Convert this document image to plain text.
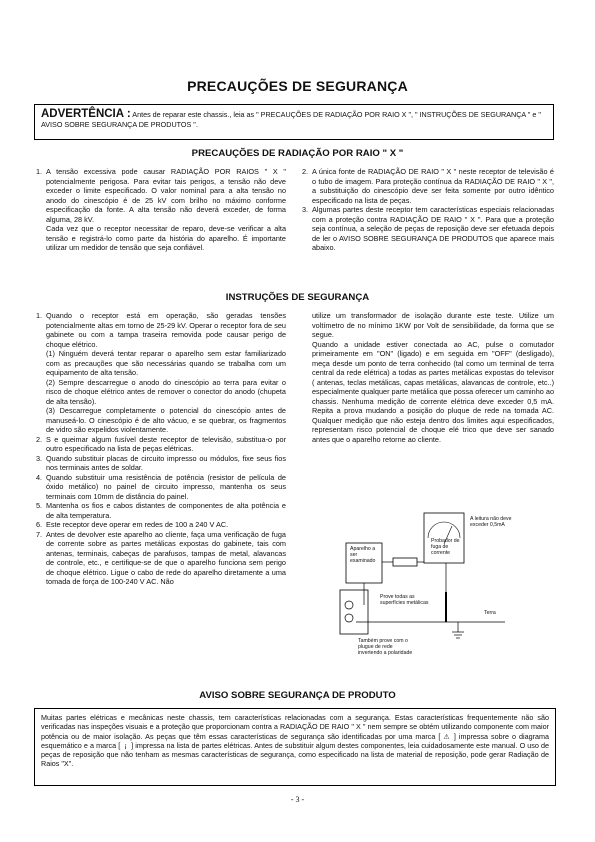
PRECAUÇÕES DE SEGURANÇA
ADVERTÊNCIA : Antes de reparar este chassis., leia as " PRECAUÇÕES DE RADIAÇÃO POR RAIO X ", " INSTRUÇÕES DE SEGURANÇA " e " AVISO SOBRE SEGURANÇA DE PRODUTOS ".
PRECAUÇÕES DE RADIAÇÃO POR RAIO " X "
1. A tensão excessiva pode causar RADIAÇÃO POR RAIOS " X " potencialmente perigosa. Para evitar tais perigos, a tensão não deve exceder o limite especificado. O valor nominal para a alta tensão no anodo do cinescópio é de 25 kV com brilho no máximo conforme especificação da fonte. A alta tensão não deverá exceder, de forma alguma, 28 kV.
Cada vez que o receptor necessitar de reparo, deve-se verificar a alta tensão e registrá-lo como parte da história do aparelho. É importante utilizar um medidor de tensão que seja confiável.
2. A única fonte de RADIAÇÃO DE RAIO " X " neste receptor de televisão é o tubo de imagem. Para proteção contínua da RADIAÇÃO DE RAIO " X ", a substituição do cinescópio deve ser feita somente por outro idêntico especificado na lista de peças.
3. Algumas partes deste receptor tem características especiais relacionadas com a proteção contra RADIAÇÃO DE RAIO " X ". Para que a proteção seja contínua, a seleção de peças de reposição deve ser efetuada depois de ler o AVISO SOBRE SEGURANÇA DE PRODUTOS que aparece mais abaixo.
INSTRUÇÕES DE SEGURANÇA
1. Quando o receptor está em operação, são geradas tensões potencialmente altas em torno de 25-29 kV. Operar o receptor fora de seu gabinete ou com a tampa traseira removida pode causar perigo de choque elétrico.
(1) Ninguém deverá tentar reparar o aparelho sem estar familiarizado com as precauções que são necessárias quando se trabalha com um equipamento de alta tensão.
(2) Sempre descarregue o anodo do cinescópio ao terra para evitar o risco de choque elétrico antes de remover o conector do anodo (chupeta de alta tensão).
(3) Descarregue completamente o potencial do cinescópio antes de manuseá-lo. O cinescópio é de alto vácuo, e se quebrar, os fragmentos de vidro são expelidos violentamente.
2. S e queimar algum fusível deste receptor de televisão, substitua-o por outro especificado na lista de peças elétricas.
3. Quando substituir placas de circuito impresso ou módulos, fixe seus fios nos terminais antes de soldar.
4. Quando substituir uma resistência de potência (resistor de película de óxido metálico) no painel de circuito impresso, mantenha os seus terminais com 10mm de distância do painel.
5. Mantenha os fios e cabos distantes de componentes de alta potência e de alta temperatura.
6. Este receptor deve operar em redes de 100 a 240 V AC.
7. Antes de devolver este aparelho ao cliente, faça uma verificação de fuga de corrente sobre as partes metálicas expostas do gabinete, tais com antenas, terminais, cabeças de parafusos, tampas de metal, alavancas de controle, etc., e certifique-se de que o aparelho funciona sem perigo de choque elétrico. Ligue o cabo de rede do aparelho diretamente a uma tomada de força de 100-240 V AC. Não
utilize um transformador de isolação durante este teste. Utilize um voltímetro de no mínimo 1KW por Volt de sensibilidade, da forma que se segue.
Quando a unidade estiver conectada ao AC, pulse o comutador primeiramente em "ON" (ligado) e em seguida em "OFF" (desligado), meça desde um ponto de terra conhecido (tal como um terminal de terra central da rede elétrica) a todas as partes metálicas expostas do televisor ( antenas, teclas metálicas, capas metálicas, alavancas de controle, etc..) especialmente qualquer parte metálica que possa oferecer um caminho ao chassis. Nenhuma medição de corrente elétrica deve exceder 0,5 mA. Repita a prova mudando a posição do pluque de rede na tomada AC. Qualquer medição que não esteja dentro dos limites aqui especificados, representam risco potencial de choque elé trico que deve ser sanado antes que o aparelho retorne ao cliente.
A leitura não deve exceder 0,5mA
Probador de fuga de corrente
Aparelho a ser examinado
Prove todas as superfícies metálicas
Também prove com o plugue de rede invertendo a polaridade
Terra
AVISO SOBRE SEGURANÇA DE PRODUTO
Muitas partes elétricas e mecânicas neste chassis, tem características relacionadas com a segurança. Estas características frequentemente não são verificadas nas inspeções visuais e a proteção que proporcionam contra a RADIAÇÃO DE RAIO " X " nem sempre se obtém utilizando componente com maior potência ou de maior isolação. As peças que têm essas características de segurança são identificadas por uma marca [ ⚠ ] impressa sobre o diagrama esquemático e a marca [  ¡  ] impressa na lista de partes elétricas. Antes de substituir algum destes componentes, leia cuidadosamente este manual. O uso de peças de reposição que não tenham as mesmas características de segurança, como especificado na lista de material de reposição, pode gerar Radiação de Raios "X".
- 3 -
